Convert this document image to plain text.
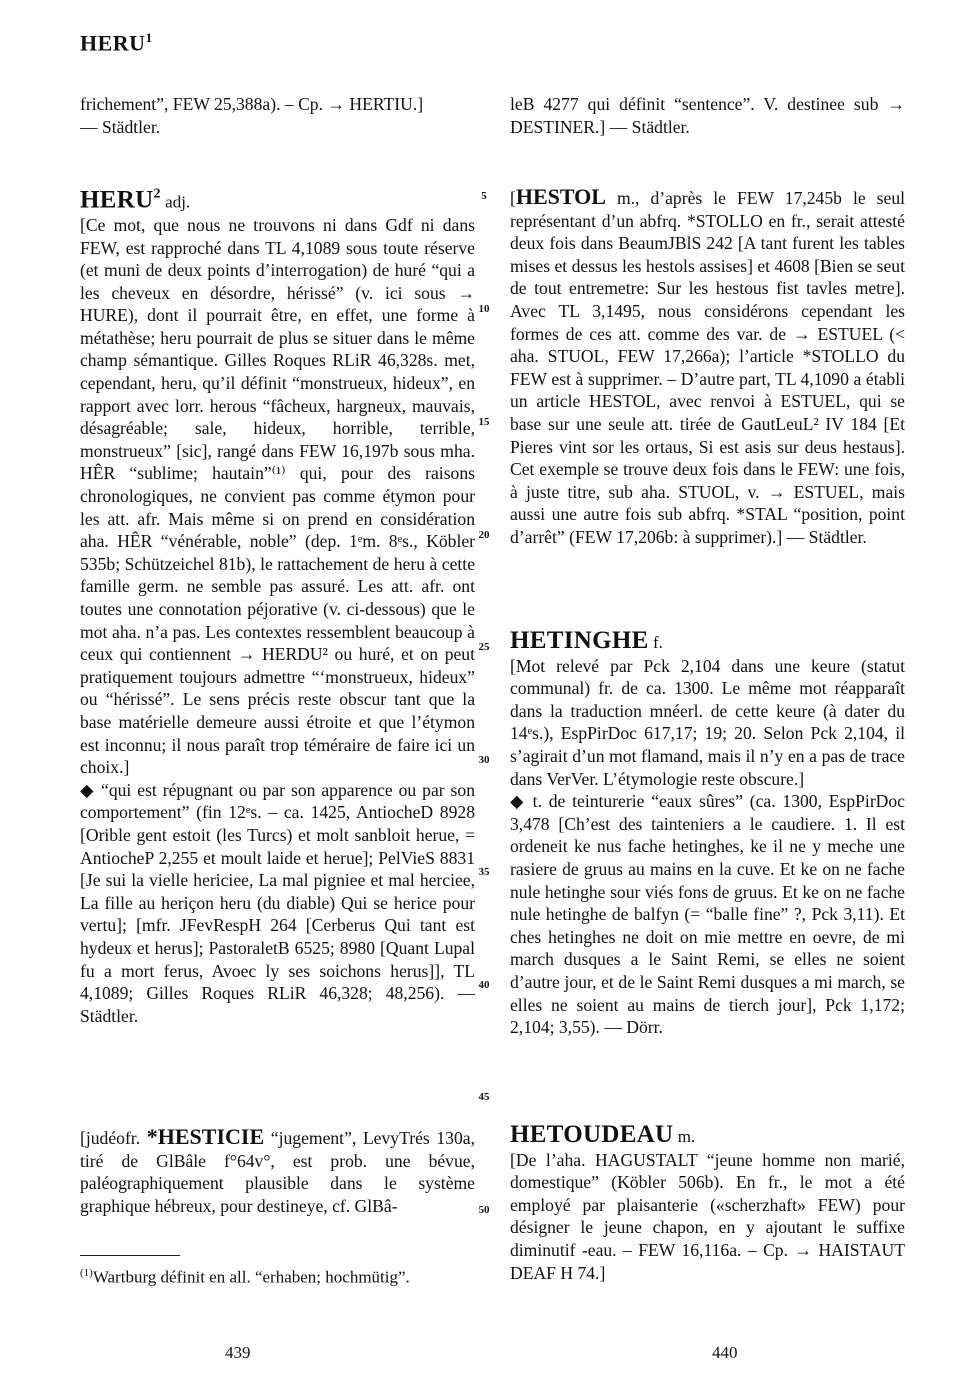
HERU$^1$

frichement”, FEW 25,388a). – Cp. → HERTIU.]

— Städtler.

HERU$^2$ adj.

[Ce mot, que nous ne trouvons ni dans Gdf ni dans FEW, est rapproché dans TL 4,1089 sous toute réserve (et muni de deux points d’interrogation) de huré “qui a les cheveux en désordre, hérissé” (v. ici sous → HURE), dont il pourrait être, en effet, une forme à métathèse; heru pourrait de plus se situer dans le même champ sémantique. Gilles Roques RLiR 46,328s. met, cependant, heru, qu’il définit “monstrueux, hideux”, en rapport avec lorr. herous “fâcheux, hargneux, mauvais, désagréable; sale, hideux, horrible, terrible, monstrueux” [sic], rangé dans FEW 16,197b sous mha. HÊR “sublime; hautain”⁽¹⁾ qui, pour des raisons chronologiques, ne convient pas comme étymon pour les att. afr. Mais même si on prend en considération aha. HÊR “vénérable, noble” (dep. 1ᵉm. 8ᵉs., Köbler 535b; Schützeichel 81b), le rattachement de heru à cette famille germ. ne semble pas assuré. Les att. afr. ont toutes une connotation péjorative (v. ci-dessous) que le mot aha. n’a pas. Les contextes ressemblent beaucoup à ceux qui contiennent → HERDU² ou huré, et on peut pratiquement toujours admettre “‘monstrueux, hideux” ou “hérissé”. Le sens précis reste obscur tant que la base matérielle demeure aussi étroite et que l’étymon est inconnu; il nous paraît trop téméraire de faire ici un choix.]

◆ “qui est répugnant ou par son apparence ou par son comportement” (fin 12ᵉs. – ca. 1425, AntiocheD 8928 [Orible gent estoit (les Turcs) et molt sanbloit herue, = AntiocheP 2,255 et moult laide et herue]; PelVieS 8831 [Je sui la vielle hericiee, La mal pigniee et mal herciee, La fille au heriçon heru (du diable) Qui se herice pour vertu]; [mfr. JFevRespH 264 [Cerberus Qui tant est hydeux et herus]; PastoraletB 6525; 8980 [Quant Lupal fu a mort ferus, Avoec ly ses soichons herus]], TL 4,1089; Gilles Roques RLiR 46,328; 48,256). — Städtler.

[judéofr. *HESTICIE “jugement”, LevyTrés 130a, tiré de GlBâle f°64v°, est prob. une bévue, paléographiquement plausible dans le système graphique hébreux, pour destineye, cf. GlBâ-

leB 4277 qui définit “sentence”. V. destinee sub → DESTINER.] — Städtler.

[HESTOL m., d’après le FEW 17,245b le seul représentant d’un abfrq. *STOLLO en fr., serait attesté deux fois dans BeaumJBlS 242 [A tant furent les tables mises et dessus les hestols assises] et 4608 [Bien se seut de tout entremetre: Sur les hestous fist tavles metre]. Avec TL 3,1495, nous considérons cependant les formes de ces att. comme des var. de → ESTUEL (< aha. STUOL, FEW 17,266a); l’article *STOLLO du FEW est à supprimer. – D’autre part, TL 4,1090 a établi un article HESTOL, avec renvoi à ESTUEL, qui se base sur une seule att. tirée de GautLeuL² IV 184 [Et Pieres vint sor les ortaus, Si est asis sur deus hestaus]. Cet exemple se trouve deux fois dans le FEW: une fois, à juste titre, sub aha. STUOL, v. → ESTUEL, mais aussi une autre fois sub abfrq. *STAL “position, point d’arrêt” (FEW 17,206b: à supprimer).] — Städtler.

HETINGHE f.

[Mot relevé par Pck 2,104 dans une keure (statut communal) fr. de ca. 1300. Le même mot réapparaît dans la traduction mnéerl. de cette keure (à dater du 14ᵉs.), EspPirDoc 617,17; 19; 20. Selon Pck 2,104, il s’agirait d’un mot flamand, mais il n’y en a pas de trace dans VerVer. L’étymologie reste obscure.]

◆ t. de teinturerie “eaux sûres” (ca. 1300, EspPirDoc 3,478 [Ch’est des tainteniers a le caudiere. 1. Il est ordeneit ke nus fache hetinghes, ke il ne y meche une rasiere de gruus au mains en la cuve. Et ke on ne fache nule hetinghe sour viés fons de gruus. Et ke on ne fache nule hetinghe de balfyn (= “balle fine” ?, Pck 3,11). Et ches hetinghes ne doit on mie mettre en oevre, de mi march dusques a le Saint Remi, se elles ne soient d’autre jour, et de le Saint Remi dusques a mi march, se elles ne soient au mains de tierch jour], Pck 1,172; 2,104; 3,55). — Dörr.

HETOUDEAU m.

[De l’aha. HAGUSTALT “jeune homme non marié, domestique” (Köbler 506b). En fr., le mot a été employé par plaisanterie («scherzhaft» FEW) pour désigner le jeune chapon, en y ajoutant le suffixe diminutif -eau. – FEW 16,116a. – Cp. → HAISTAUT DEAF H 74.]

5
10
15
20
25
30
35
40
45
50
$^{(1)}$Wartburg définit en all. “erhaben; hochmütig”.
439	440
